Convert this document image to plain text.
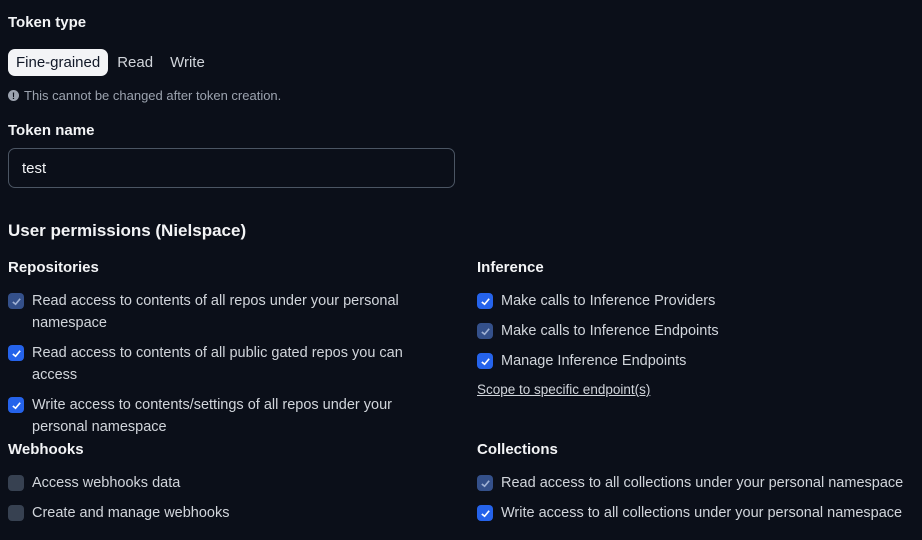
Token type
Fine-grained	Read	Write
! This cannot be changed after token creation.
Token name
test
User permissions (Nielspace)
Repositories
Read access to contents of all repos under your personal
namespace
Read access to contents of all public gated repos you can access
Write access to contents/settings of all repos under your
personal namespace
Inference
Make calls to Inference Providers
Make calls to Inference Endpoints
Manage Inference Endpoints
Scope to specific endpoint(s)
Webhooks
Access webhooks data
Create and manage webhooks
Collections
Read access to all collections under your personal namespace
Write access to all collections under your personal namespace
